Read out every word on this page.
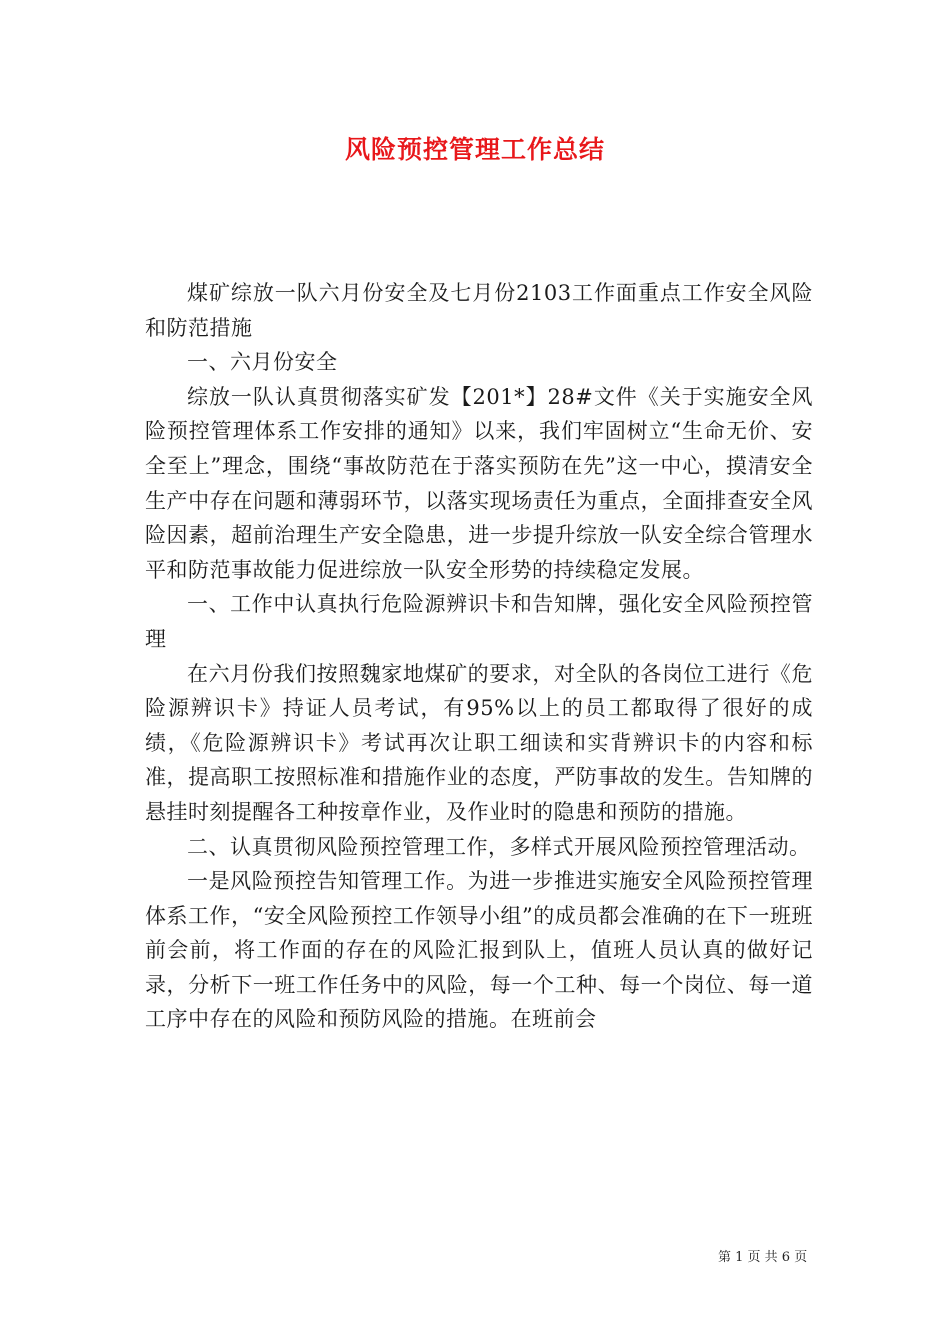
风险预控管理工作总结

煤矿综放一队六月份安全及七月份2103工作面重点工作安全风险和防范措施

一、六月份安全

综放一队认真贯彻落实矿发【201*】28#文件《关于实施安全风险预控管理体系工作安排的通知》以来，我们牢固树立“生命无价、安全至上”理念，围绕“事故防范在于落实预防在先”这一中心，摸清安全生产中存在问题和薄弱环节，以落实现场责任为重点，全面排查安全风险因素，超前治理生产安全隐患，进一步提升综放一队安全综合管理水平和防范事故能力促进综放一队安全形势的持续稳定发展。

一、工作中认真执行危险源辨识卡和告知牌，强化安全风险预控管理

在六月份我们按照魏家地煤矿的要求，对全队的各岗位工进行《危险源辨识卡》持证人员考试，有95%以上的员工都取得了很好的成绩，《危险源辨识卡》考试再次让职工细读和实背辨识卡的内容和标准，提高职工按照标准和措施作业的态度，严防事故的发生。告知牌的悬挂时刻提醒各工种按章作业，及作业时的隐患和预防的措施。

二、认真贯彻风险预控管理工作，多样式开展风险预控管理活动。

一是风险预控告知管理工作。为进一步推进实施安全风险预控管理体系工作，“安全风险预控工作领导小组”的成员都会准确的在下一班班前会前，将工作面的存在的风险汇报到队上，值班人员认真的做好记录，分析下一班工作任务中的风险，每一个工种、每一个岗位、每一道工序中存在的风险和预防风险的措施。在班前会

第 1 页 共 6 页
